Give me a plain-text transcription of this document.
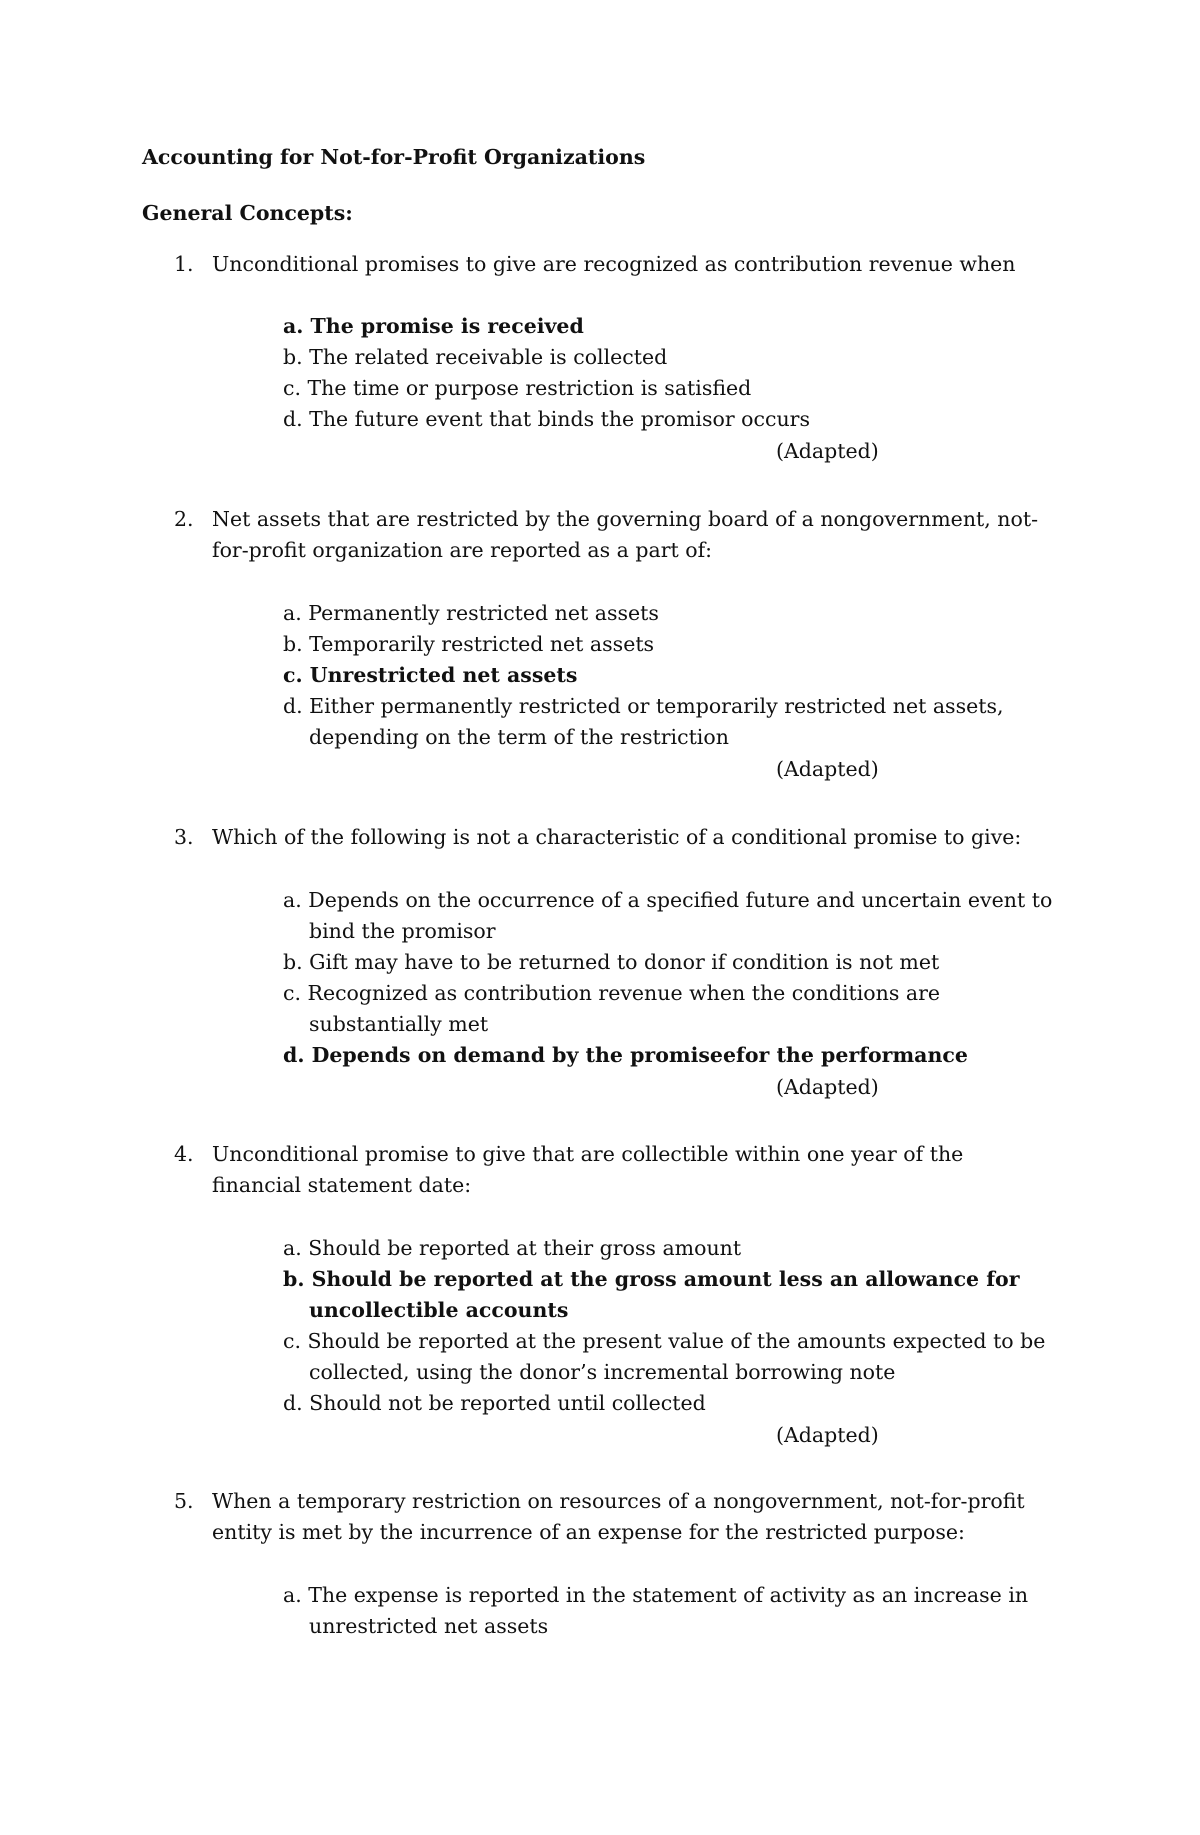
Accounting for Not-for-Profit Organizations
General Concepts:
1. Unconditional promises to give are recognized as contribution revenue when
a. The promise is received
b. The related receivable is collected
c. The time or purpose restriction is satisfied
d. The future event that binds the promisor occurs
(Adapted)
2. Net assets that are restricted by the governing board of a nongovernment, not-for-profit organization are reported as a part of:
a. Permanently restricted net assets
b. Temporarily restricted net assets
c. Unrestricted net assets
d. Either permanently restricted or temporarily restricted net assets, depending on the term of the restriction
(Adapted)
3. Which of the following is not a characteristic of a conditional promise to give:
a. Depends on the occurrence of a specified future and uncertain event to bind the promisor
b. Gift may have to be returned to donor if condition is not met
c. Recognized as contribution revenue when the conditions are substantially met
d. Depends on demand by the promiseefor the performance
(Adapted)
4. Unconditional promise to give that are collectible within one year of the financial statement date:
a. Should be reported at their gross amount
b. Should be reported at the gross amount less an allowance for uncollectible accounts
c. Should be reported at the present value of the amounts expected to be collected, using the donor’s incremental borrowing note
d. Should not be reported until collected
(Adapted)
5. When a temporary restriction on resources of a nongovernment, not-for-profit entity is met by the incurrence of an expense for the restricted purpose:
a. The expense is reported in the statement of activity as an increase in unrestricted net assets
